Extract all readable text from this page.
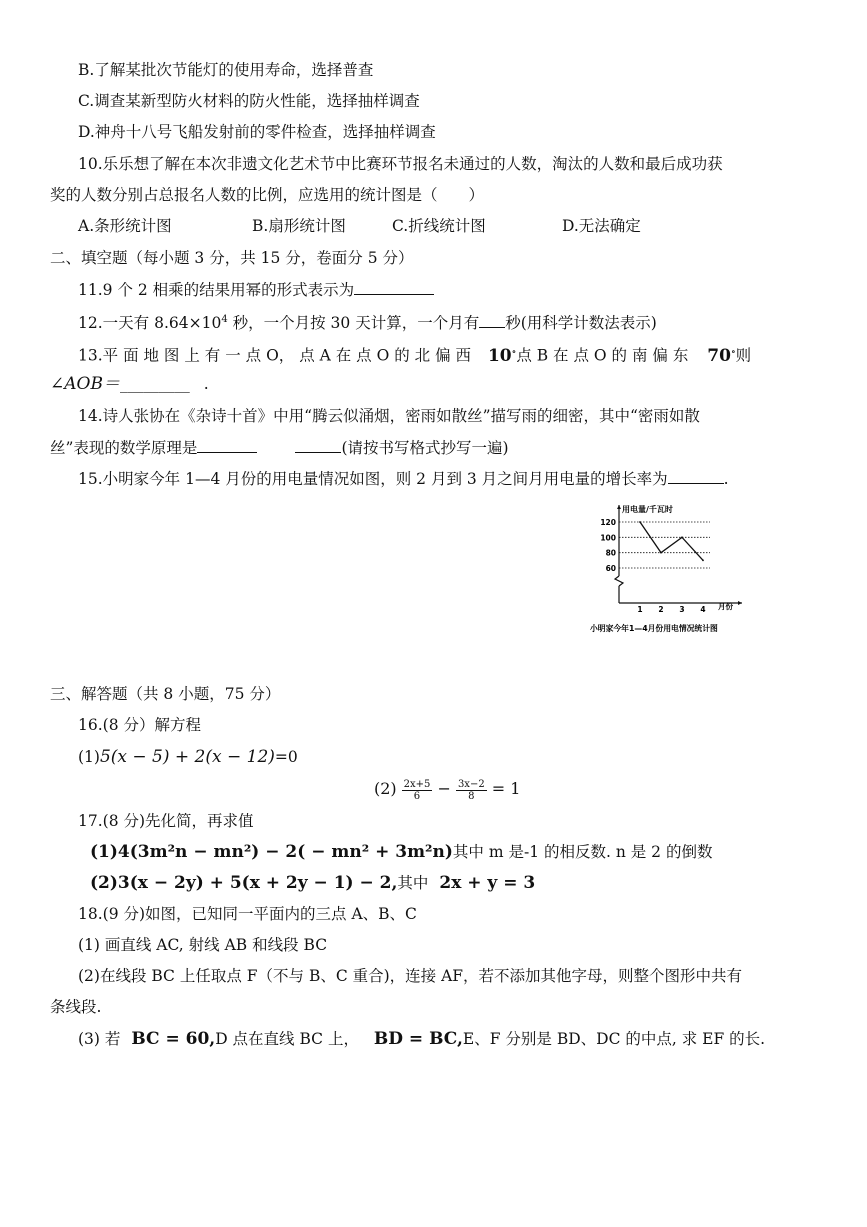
B.了解某批次节能灯的使用寿命，选择普查
C.调查某新型防火材料的防火性能，选择抽样调查
D.神舟十八号飞船发射前的零件检查，选择抽样调查
10.乐乐想了解在本次非遗文化艺术节中比赛环节报名未通过的人数，淘汰的人数和最后成功获
奖的人数分别占总报名人数的比例，应选用的统计图是（　　）
A.条形统计图	B.扇形统计图	C.折线统计图	D.无法确定
二、填空题（每小题 3 分，共 15 分，卷面分 5 分）
11.9 个 2 相乘的结果用幂的形式表示为
12.一天有 $8.64\times 10^4$ 秒，一个月按 30 天计算，一个月有 秒(用科学计数法表示)
13.平 面 地 图 上 有 一 点 O， 点 A 在 点 O 的 北 偏 西 10∘点 B 在 点 O 的 南 偏 东 70∘则
∠AOB＝_________ .
14.诗人张协在《杂诗十首》中用“腾云似涌烟，密雨如散丝”描写雨的细密，其中“密雨如散
丝”表现的数学原理是	(请按书写格式抄写一遍)
15.小明家今年 1—4 月份的用电量情况如图，则 2 月到 3 月之间月用电量的增长率为	.
60
80
100
120
1 2 3 4
用电量/千瓦时
月份
小明家今年1—4月份用电情况统计图
三、解答题（共 8 小题，75 分）
16.(8 分）解方程
(1)5(x − 5) + 2(x − 12)=0
$(2) \frac{2x+5}{6} - \frac{3x-2}{8} = 1$
17.(8 分)先化简，再求值
(1)4(3m²n − mn²) − 2( − mn² + 3m²n)其中 m 是-1 的相反数. n 是 2 的倒数
(2)3(x − 2y) + 5(x + 2y − 1) − 2,其中 2x + y = 3
18.(9 分)如图，已知同一平面内的三点 A、B、C
(1) 画直线 AC, 射线 AB 和线段 BC
(2)在线段 BC 上任取点 F（不与 B、C 重合)，连接 AF，若不添加其他字母，则整个图形中共有
条线段.
(3) 若 BC = 60,D 点在直线 BC 上， BD = BC,E、F 分别是 BD、DC 的中点, 求 EF 的长.
